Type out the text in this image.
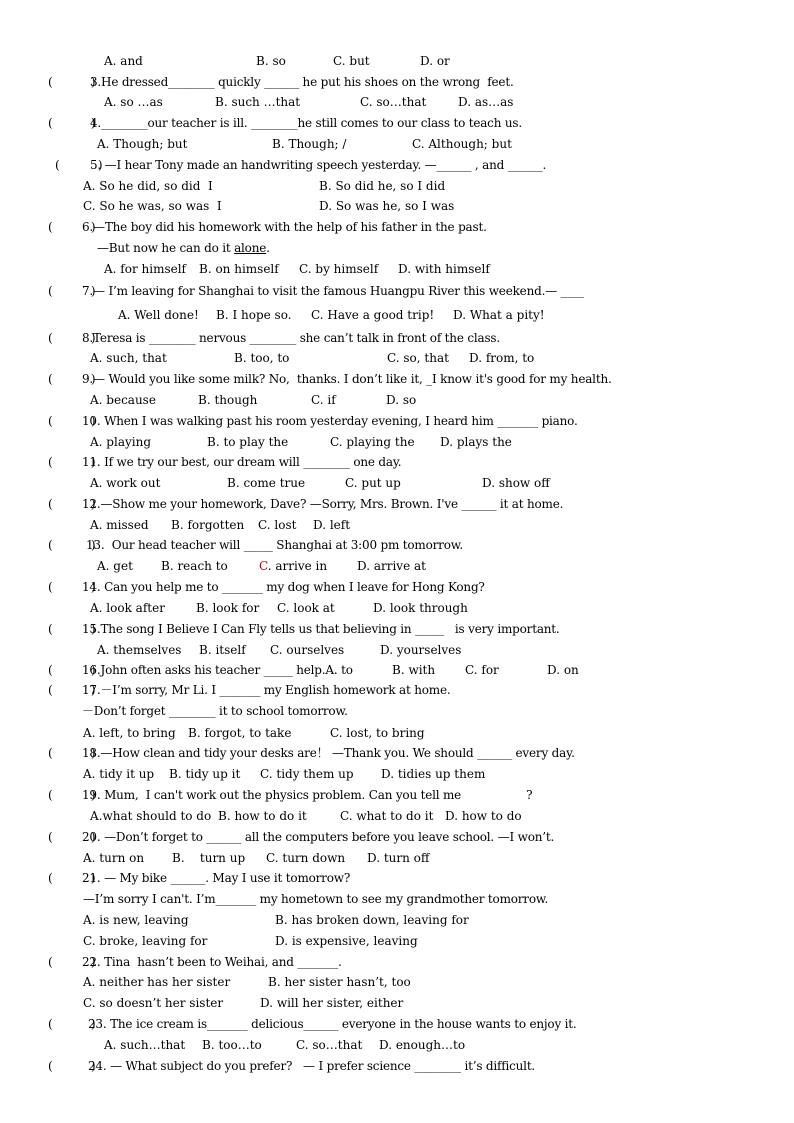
A. and	B. so	C. but	D. or
(          )
3.He dressed________ quickly ______ he put his shoes on the wrong  feet.
A. so …as	B. such …that	C. so…that	D. as…as
(          )
4.________our teacher is ill. ________he still comes to our class to teach us.
A. Though; but	B. Though; /	C. Although; but
(          )
5. —I hear Tony made an handwriting speech yesterday. —______ , and ______.
A. So he did, so did  I	B. So did he, so I did
C. So he was, so was  I	D. So was he, so I was
(          )
6.—The boy did his homework with the help of his father in the past.
—But now he can do it alone.
A. for himself B. on himself C. by himself D. with himself
(          )
7.— I’m leaving for Shanghai to visit the famous Huangpu River this weekend.— ____
A. Well done! B. I hope so. C. Have a good trip! D. What a pity!
(          )
8.Teresa is ________ nervous ________ she can’t talk in front of the class.
A. such, that	B. too, to	C. so, that D. from, to
(          )
9.— Would you like some milk? No,  thanks. I don’t like it, _I know it's good for my health.
A. because	B. though	C. if	D. so
(          )
10. When I was walking past his room yesterday evening, I heard him _______ piano.
A. playing	B. to play the	C. playing the D. plays the
(          )
11. If we try our best, our dream will ________ one day.
A. work out	B. come true	C. put up	D. show off
(          )
12.—Show me your homework, Dave? —Sorry, Mrs. Brown. I've ______ it at home.
A. missed B. forgotten C. lost D. left
(          )
13.  Our head teacher will _____ Shanghai at 3:00 pm tomorrow.
A. get B. reach to	C. arrive in D. arrive at
(          )
14. Can you help me to _______ my dog when I leave for Hong Kong?
A. look after	B. look for C. look at	D. look through
(          )
15.The song I Believe I Can Fly tells us that believing in _____   is very important.
A. themselves B. itself C. ourselves	D. yourselves
(          )
16.John often asks his teacher _____ help.A. to	B. with C. for	D. on
(          )
17.－I’m sorry, Mr Li. I _______ my English homework at home.
－Don’t forget ________ it to school tomorrow.
A. left, to bring B. forgot, to take	C. lost, to bring
(          )
18.—How clean and tidy your desks are！ —Thank you. We should ______ every day.
A. tidy it up B. tidy up it C. tidy them up D. tidies up them
(          )
19. Mum,  I can't work out the physics problem. Can you tell me                  ?
A.what should to do B. how to do it	C. what to do it D. how to do
(          )
20. —Don’t forget to ______ all the computers before you leave school. —I won’t.
A. turn on B.    turn up C. turn down D. turn off
(          )
21. — My bike ______. May I use it tomorrow?
—I’m sorry I can't. I’m_______ my hometown to see my grandmother tomorrow.
A. is new, leaving	B. has broken down, leaving for
C. broke, leaving for	D. is expensive, leaving
(          )
22. Tina  hasn’t been to Weihai, and _______.
A. neither has her sister	B. her sister hasn’t, too
C. so doesn’t her sister	D. will her sister, either
(          )
23. The ice cream is_______ delicious______ everyone in the house wants to enjoy it.
A. such…that B. too…to	C. so…that D. enough…to
(          )
24. — What subject do you prefer?   — I prefer science ________ it’s difficult.
